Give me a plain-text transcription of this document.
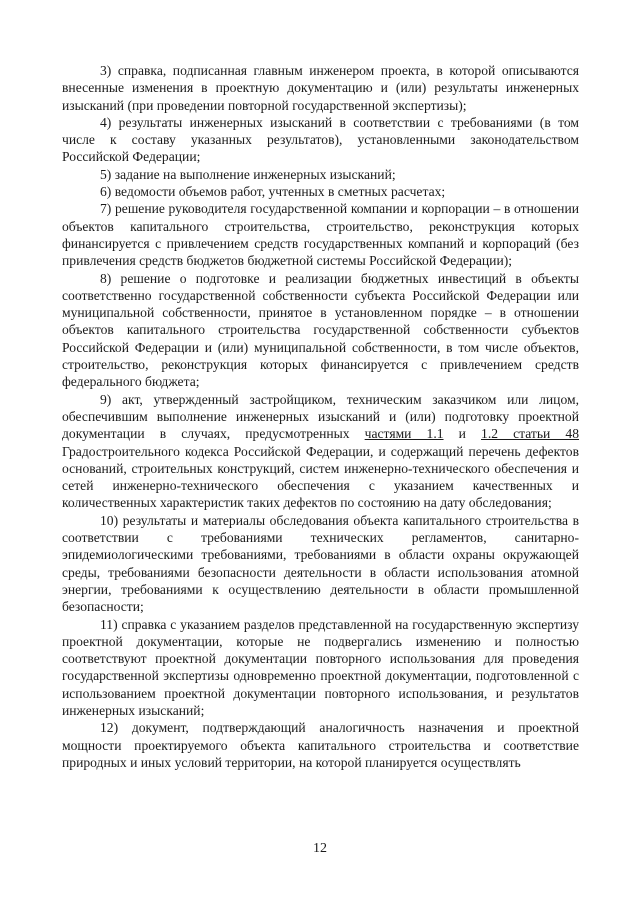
3) справка, подписанная главным инженером проекта, в которой описываются внесенные изменения в проектную документацию и (или) результаты инженерных изысканий (при проведении повторной государственной экспертизы);

4) результаты инженерных изысканий в соответствии с требованиями (в том числе к составу указанных результатов), установленными законодательством Российской Федерации;

5) задание на выполнение инженерных изысканий;

6) ведомости объемов работ, учтенных в сметных расчетах;

7) решение руководителя государственной компании и корпорации – в отношении объектов капитального строительства, строительство, реконструкция которых финансируется с привлечением средств государственных компаний и корпораций (без привлечения средств бюджетов бюджетной системы Российской Федерации);

8) решение о подготовке и реализации бюджетных инвестиций в объекты соответственно государственной собственности субъекта Российской Федерации или муниципальной собственности, принятое в установленном порядке – в отношении объектов капитального строительства государственной собственности субъектов Российской Федерации и (или) муниципальной собственности, в том числе объектов, строительство, реконструкция которых финансируется с привлечением средств федерального бюджета;

9) акт, утвержденный застройщиком, техническим заказчиком или лицом, обеспечившим выполнение инженерных изысканий и (или) подготовку проектной документации в случаях, предусмотренных частями 1.1 и 1.2 статьи 48 Градостроительного кодекса Российской Федерации, и содержащий перечень дефектов оснований, строительных конструкций, систем инженерно-технического обеспечения и сетей инженерно-технического обеспечения с указанием качественных и количественных характеристик таких дефектов по состоянию на дату обследования;

10) результаты и материалы обследования объекта капитального строительства в соответствии с требованиями технических регламентов, санитарно-эпидемиологическими требованиями, требованиями в области охраны окружающей среды, требованиями безопасности деятельности в области использования атомной энергии, требованиями к осуществлению деятельности в области промышленной безопасности;

11) справка с указанием разделов представленной на государственную экспертизу проектной документации, которые не подвергались изменению и полностью соответствуют проектной документации повторного использования для проведения государственной экспертизы одновременно проектной документации, подготовленной с использованием проектной документации повторного использования, и результатов инженерных изысканий;

12) документ, подтверждающий аналогичность назначения и проектной мощности проектируемого объекта капитального строительства и соответствие природных и иных условий территории, на которой планируется осуществлять

12
